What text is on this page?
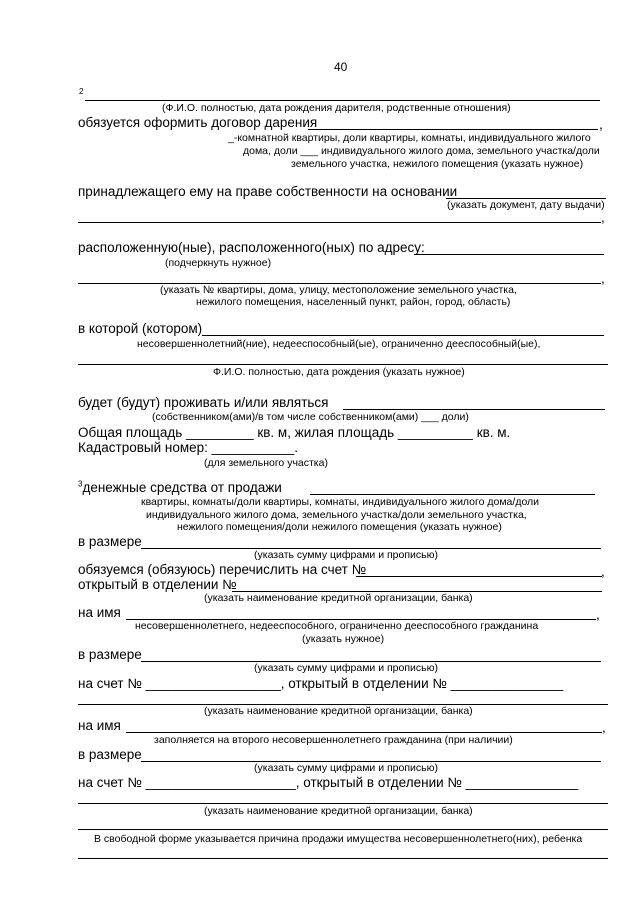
40
2
(Ф.И.О. полностью, дата рождения дарителя, родственные отношения)
обязуется оформить договор дарения	,
_-комнатной квартиры, доли квартиры, комнаты, индивидуального жилого
дома, доли ___ индивидуального жилого дома, земельного участка/доли
земельного участка, нежилого помещения (указать нужное)
принадлежащего ему на праве собственности на основании
(указать документ, дату выдачи)
,
расположенную(ные), расположенного(ных) по адресу:
(подчеркнуть нужное)
,
(указать № квартиры, дома, улицу, местоположение земельного участка,
нежилого помещения, населенный пункт, район, город, область)
в которой (котором)
несовершеннолетний(ние), недееспособный(ые), ограниченно дееспособный(ые),
Ф.И.О. полностью, дата рождения (указать нужное)
будет (будут) проживать и/или являться
(собственником(ами)/в том числе собственником(ами) ___ доли)
Общая площадь _________ кв. м, жилая площадь __________ кв. м.
Кадастровый номер: ___________.
(для земельного участка)
$^3$денежные средства от продажи
квартиры, комнаты/доли квартиры, комнаты, индивидуального жилого дома/доли
индивидуального жилого дома, земельного участка/доли земельного участка,
нежилого помещения/доли нежилого помещения (указать нужное)
в размере
(указать сумму цифрами и прописью)
обязуемся (обязуюсь) перечислить на счет №	,
открытый в отделении №
(указать наименование кредитной организации, банка)
на имя	,
несовершеннолетнего, недееспособного, ограниченно дееспособного гражданина
(указать нужное)
в размере
(указать сумму цифрами и прописью)
на счет № __________________, открытый в отделении № _______________
(указать наименование кредитной организации, банка)
на имя	,
заполняется на второго несовершеннолетнего гражданина (при наличии)
в размере
(указать сумму цифрами и прописью)
на счет № ____________________, открытый в отделении № _______________
(указать наименование кредитной организации, банка)
В свободной форме указывается причина продажи имущества несовершеннолетнего(них), ребенка
